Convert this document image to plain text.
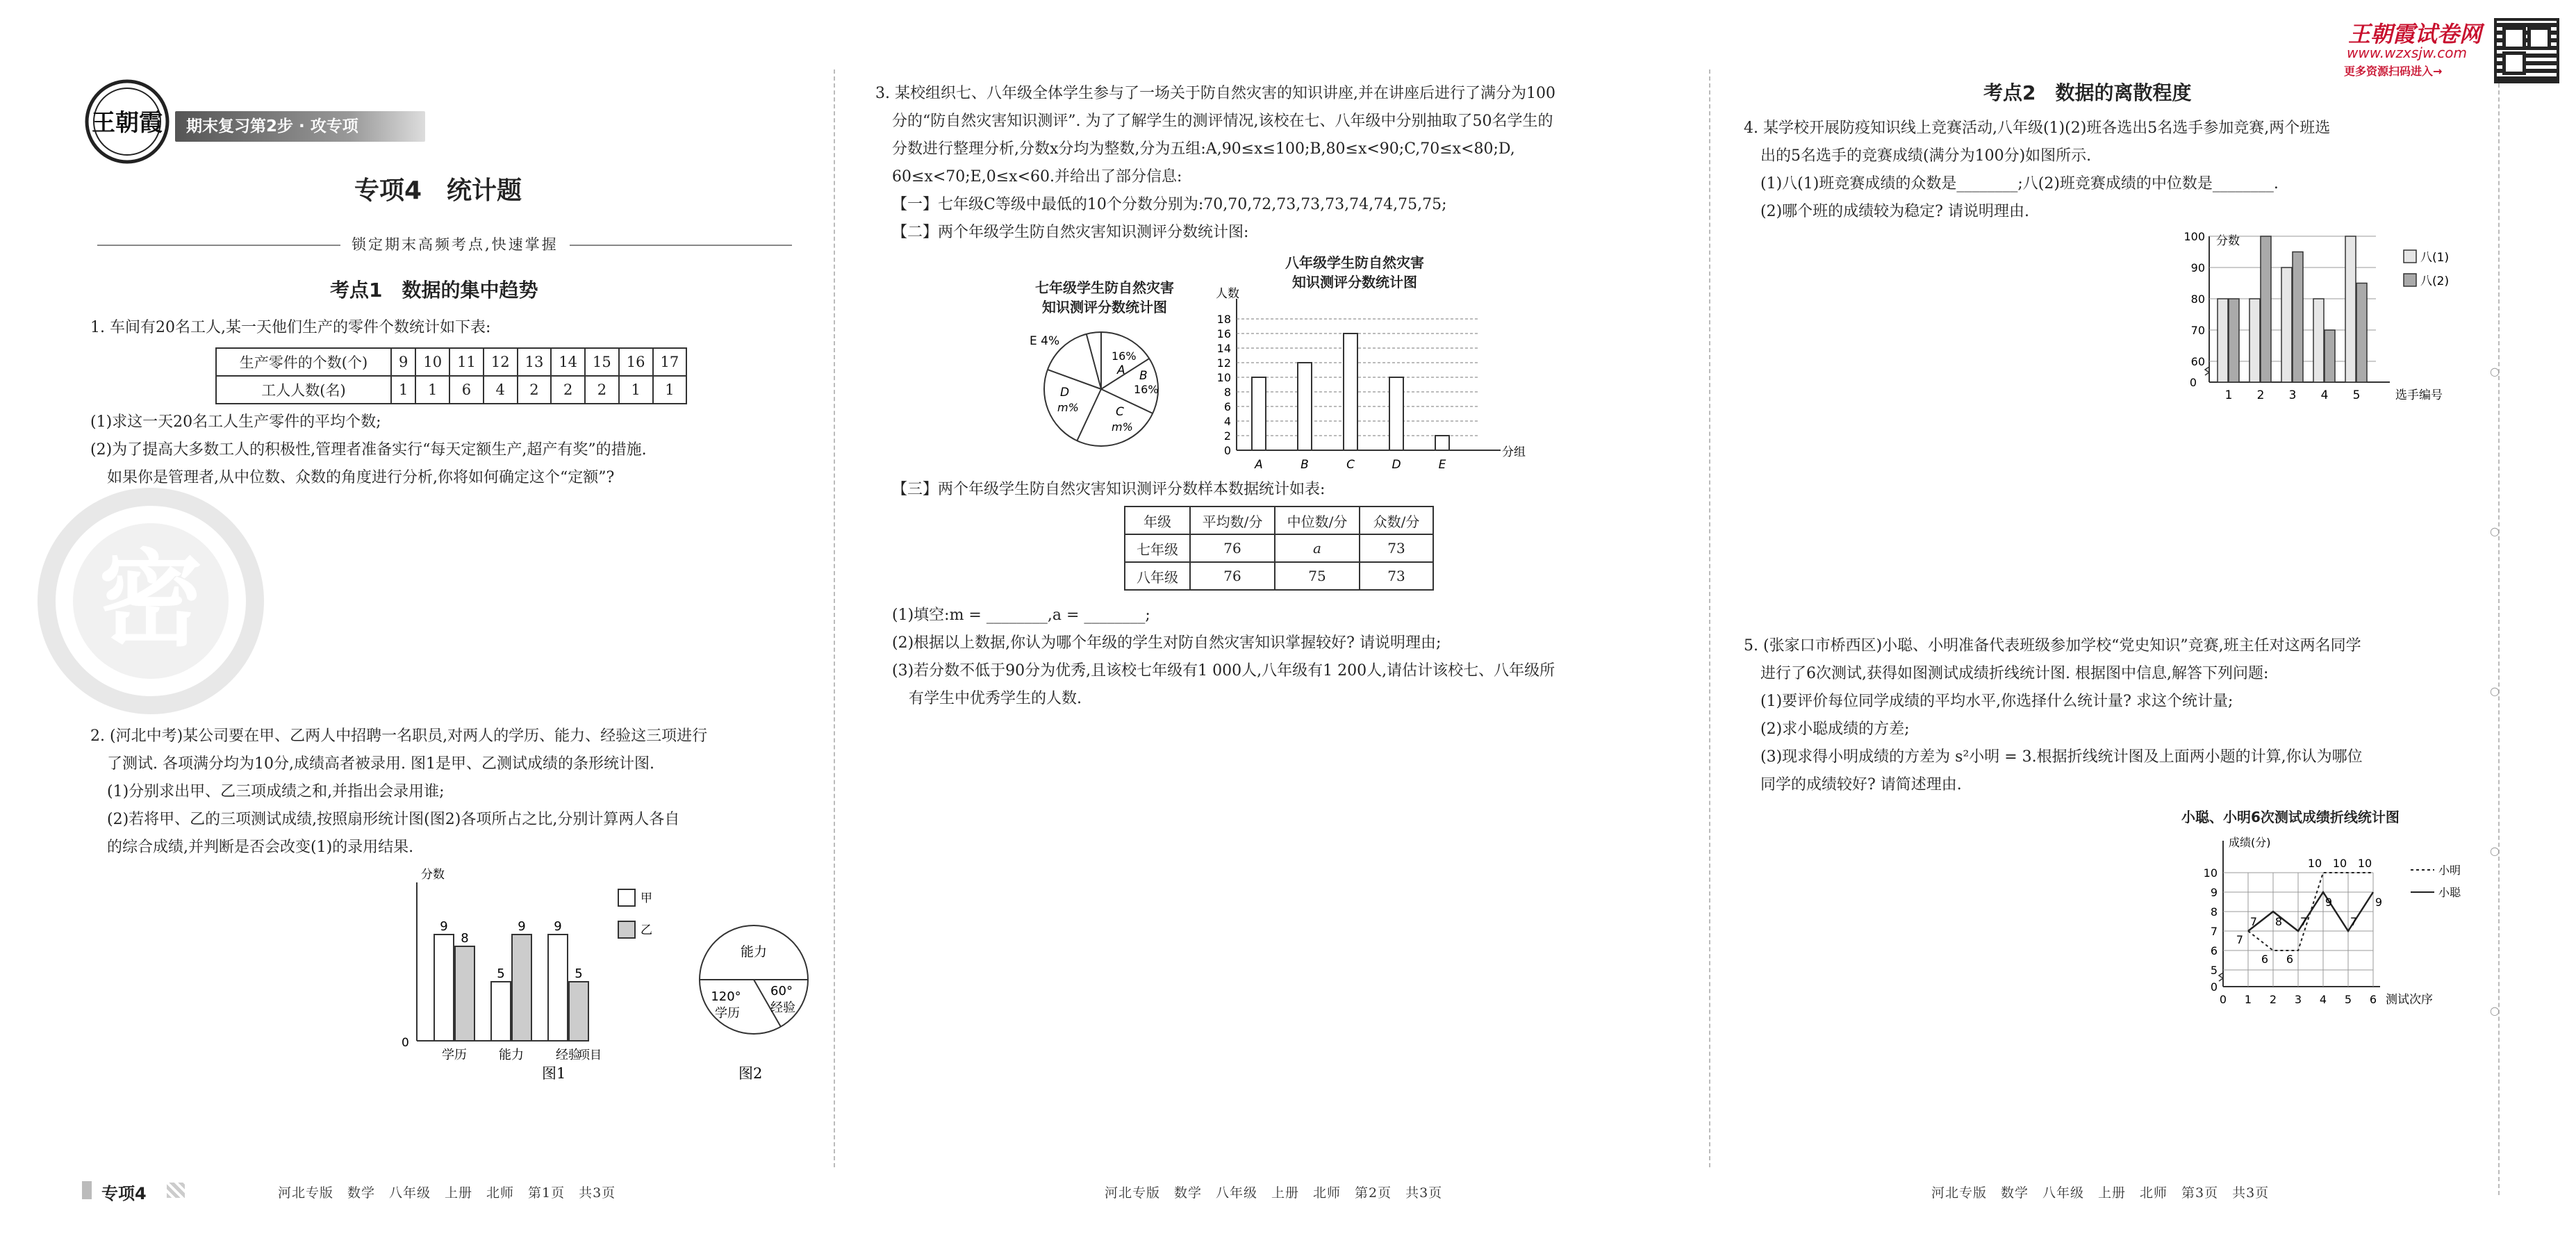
○
○
○
○
○
王朝霞	期末复习第2步 · 攻专项
专项4　统计题
锁定期末高频考点,快速掌握
考点1　数据的集中趋势
1. 车间有20名工人,某一天他们生产的零件个数统计如下表:
生产零件的个数(个)	9	10	11	12	13	14	15	16	17
工人人数(名)	1	1	6	4	2	2	2	1	1

(1)求这一天20名工人生产零件的平均个数;

(2)为了提高大多数工人的积极性,管理者准备实行“每天定额生产,超产有奖”的措施.

如果你是管理者,从中位数、众数的角度进行分析,你将如何确定这个“定额”?

密

2. (河北中考)某公司要在甲、乙两人中招聘一名职员,对两人的学历、能力、经验这三项进行

了测试. 各项满分均为10分,成绩高者被录用. 图1是甲、乙测试成绩的条形统计图.

(1)分别求出甲、乙三项成绩之和,并指出会录用谁;

(2)若将甲、乙的三项测试成绩,按照扇形统计图(图2)各项所占之比,分别计算两人各自

的综合成绩,并判断是否会改变(1)的录用结果.

分数
0
项目
9
8
学历
5
9
能力
9
5
经验
甲
乙
图1
能力
120°
学历
60°
经验
图2
专项4	河北专版　数学　八年级　上册　北师　第1页　共3页

3. 某校组织七、八年级全体学生参与了一场关于防自然灾害的知识讲座,并在讲座后进行了满分为100

分的“防自然灾害知识测评”. 为了了解学生的测评情况,该校在七、八年级中分别抽取了50名学生的

分数进行整理分析,分数x分均为整数,分为五组:A,90≤x≤100;B,80≤x<90;C,70≤x<80;D,

60≤x<70;E,0≤x<60.并给出了部分信息:

【一】七年级C等级中最低的10个分数分别为:70,70,72,73,73,73,74,74,75,75;

【二】两个年级学生防自然灾害知识测评分数统计图:

七年级学生防自然灾害
知识测评分数统计图
E 4%
16%
A B
16%
D
m%	C
m%
八年级学生防自然灾害
知识测评分数统计图
人数
分组
0
2
4
6
8
10
12
14
16
18
A	B	C	D	E
【三】两个年级学生防自然灾害知识测评分数样本数据统计如表:
年级	平均数/分	中位数/分	众数/分
七年级	76	a	73
八年级	76	75	73

(1)填空:m = ________,a = ________;

(2)根据以上数据,你认为哪个年级的学生对防自然灾害知识掌握较好? 请说明理由;

(3)若分数不低于90分为优秀,且该校七年级有1 000人,八年级有1 200人,请估计该校七、八年级所

有学生中优秀学生的人数.

河北专版　数学　八年级　上册　北师　第2页　共3页
王朝霞试卷网
www.wzxsjw.com
更多资源扫码进入→
考点2　数据的离散程度

4. 某学校开展防疫知识线上竞赛活动,八年级(1)(2)班各选出5名选手参加竞赛,两个班选

出的5名选手的竞赛成绩(满分为100分)如图所示.

(1)八(1)班竞赛成绩的众数是________;八(2)班竞赛成绩的中位数是________.

(2)哪个班的成绩较为稳定? 请说明理由.

分数
0
选手编号
60
70
80
90
100
1 2 3 4 5
八(1)
八(2)

5. (张家口市桥西区)小聪、小明准备代表班级参加学校“党史知识”竞赛,班主任对这两名同学

进行了6次测试,获得如图测试成绩折线统计图. 根据图中信息,解答下列问题:

(1)要评价每位同学成绩的平均水平,你选择什么统计量? 求这个统计量;

(2)求小聪成绩的方差;

(3)现求得小明成绩的方差为 s²小明 = 3.根据折线统计图及上面两小题的计算,你认为哪位

同学的成绩较好? 请简述理由.

小聪、小明6次测试成绩折线统计图
成绩(分)
测试次序
0
5
6
7
8
9
10
0 1 2 3 4 5 6
7
6 6
10 10 10
7 8 7
9
7
9
小明
小聪
河北专版　数学　八年级　上册　北师　第3页　共3页
